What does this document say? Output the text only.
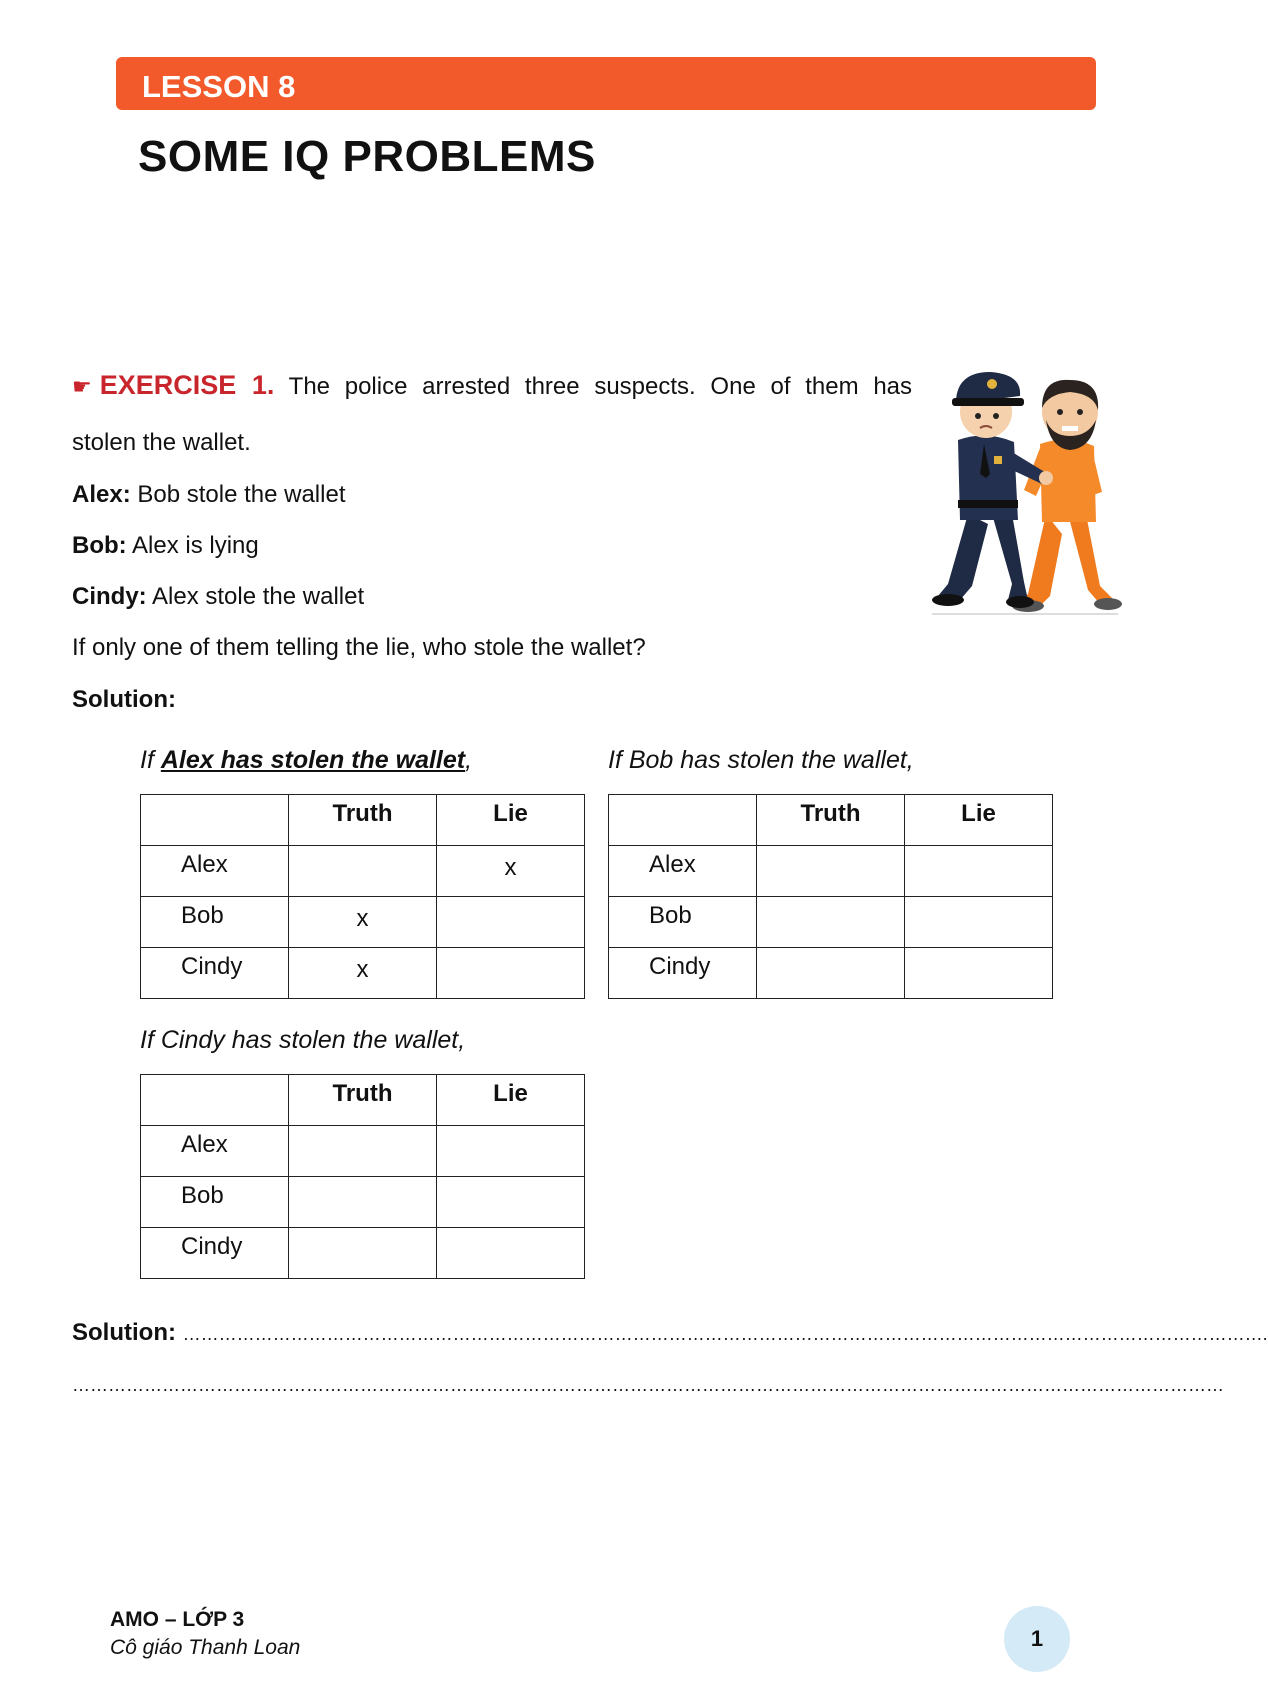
LESSON 8
SOME IQ PROBLEMS
☛ EXERCISE 1. The police arrested three suspects. One of them has
stolen the wallet.
Alex: Bob stole the wallet
Bob: Alex is lying
Cindy: Alex stole the wallet
If only one of them telling the lie, who stole the wallet?
Solution:
If Alex has stolen the wallet,
	Truth	Lie
Alex		x
Bob	x	
Cindy	x	
If Bob has stolen the wallet,
	Truth	Lie
Alex		
Bob		
Cindy		
If Cindy has stolen the wallet,
	Truth	Lie
Alex		
Bob		
Cindy		
Solution: ……………………………………………………………………………………………………………………………………………………………….
…………………………………………………………………………………………………………………………………………………………………………
AMO – LỚP 3
Cô giáo Thanh Loan	1
